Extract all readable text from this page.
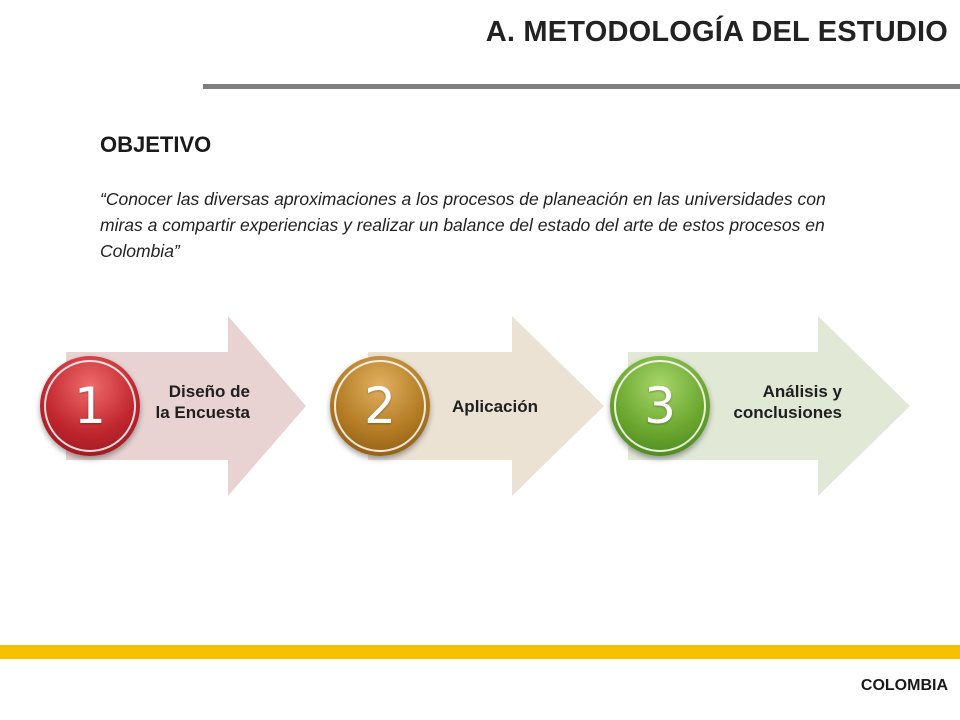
A. METODOLOGÍA DEL ESTUDIO
OBJETIVO
“Conocer las diversas aproximaciones a los procesos de planeación en las universidades con miras a compartir experiencias y realizar un balance del estado del arte de estos procesos en Colombia”
Diseño de
la Encuesta
1	Aplicación
2	Análisis y
conclusiones
3
COLOMBIA
